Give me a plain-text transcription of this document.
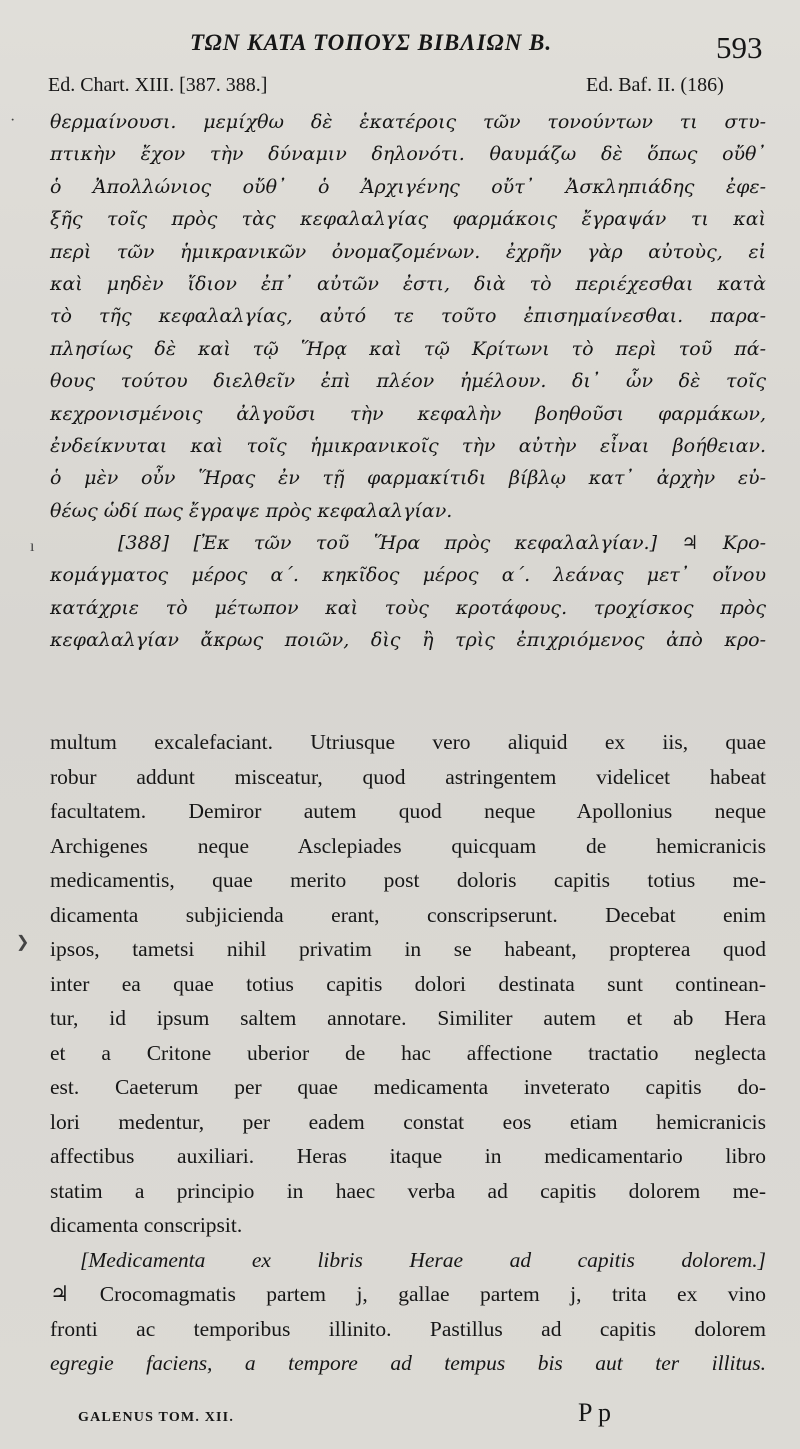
ΤΩΝ ΚΑΤΑ ΤΟΠΟΥΣ ΒΙΒΛΙΩΝ Β.	593
Ed. Chart. XIII. [387. 388.]	Ed. Baf. II. (186)
θερμαίνουσι. μεμίχθω δὲ ἑκατέροις τῶν τονούντων τι στυ-
πτικὴν ἔχον τὴν δύναμιν δηλονότι. θαυμάζω δὲ ὅπως οὔθ᾿
ὁ Ἀπολλώνιος οὔθ᾿ ὁ Ἀρχιγένης οὔτ᾿ Ἀσκληπιάδης ἐφε-
ξῆς τοῖς πρὸς τὰς κεφαλαλγίας φαρμάκοις ἔγραψάν τι καὶ
περὶ τῶν ἡμικρανικῶν ὀνομαζομένων. ἐχρῆν γὰρ αὐτοὺς, εἰ
καὶ μηδὲν ἴδιον ἐπ᾿ αὐτῶν ἐστι, διὰ τὸ περιέχεσθαι κατὰ
τὸ τῆς κεφαλαλγίας, αὐτό τε τοῦτο ἐπισημαίνεσθαι. παρα-
πλησίως δὲ καὶ τῷ Ἥρᾳ καὶ τῷ Κρίτωνι τὸ περὶ τοῦ πά-
θους τούτου διελθεῖν ἐπὶ πλέον ἠμέλουν. δι᾿ ὧν δὲ τοῖς
κεχρονισμένοις ἀλγοῦσι τὴν κεφαλὴν βοηθοῦσι φαρμάκων,
ἐνδείκνυται καὶ τοῖς ἡμικρανικοῖς τὴν αὐτὴν εἶναι βοήθειαν.
ὁ μὲν οὖν Ἥρας ἐν τῇ φαρμακίτιδι βίβλῳ κατ᾿ ἀρχὴν εὐ-
θέως ὡδί πως ἔγραψε πρὸς κεφαλαλγίαν.
[388] [Ἐκ τῶν τοῦ Ἥρα πρὸς κεφαλαλγίαν.] ♃ Κρο-
κομάγματος μέρος α΄. κηκῖδος μέρος α΄. λεάνας μετ᾿ οἴνου
κατάχριε τὸ μέτωπον καὶ τοὺς κροτάφους. τροχίσκος πρὸς
κεφαλαλγίαν ἄκρως ποιῶν, δὶς ἢ τρὶς ἐπιχριόμενος ἀπὸ κρο-
multum excalefaciant. Utriusque vero aliquid ex iis, quae
robur addunt misceatur, quod astringentem videlicet habeat
facultatem. Demiror autem quod neque Apollonius neque
Archigenes neque Asclepiades quicquam de hemicranicis
medicamentis, quae merito post doloris capitis totius me-
dicamenta subjicienda erant, conscripserunt. Decebat enim
ipsos, tametsi nihil privatim in se habeant, propterea quod
inter ea quae totius capitis dolori destinata sunt continean-
tur, id ipsum saltem annotare. Similiter autem et ab Hera
et a Critone uberior de hac affectione tractatio neglecta
est. Caeterum per quae medicamenta inveterato capitis do-
lori medentur, per eadem constat eos etiam hemicranicis
affectibus auxiliari. Heras itaque in medicamentario libro
statim a principio in haec verba ad capitis dolorem me-
dicamenta conscripsit.
[Medicamenta ex libris Herae ad capitis dolorem.]
♃ Crocomagmatis partem j, gallae partem j, trita ex vino
fronti ac temporibus illinito. Pastillus ad capitis dolorem
egregie faciens, a tempore ad tempus bis aut ter illitus.
·
ı
❯
GALENUS TOM. XII.	P p
